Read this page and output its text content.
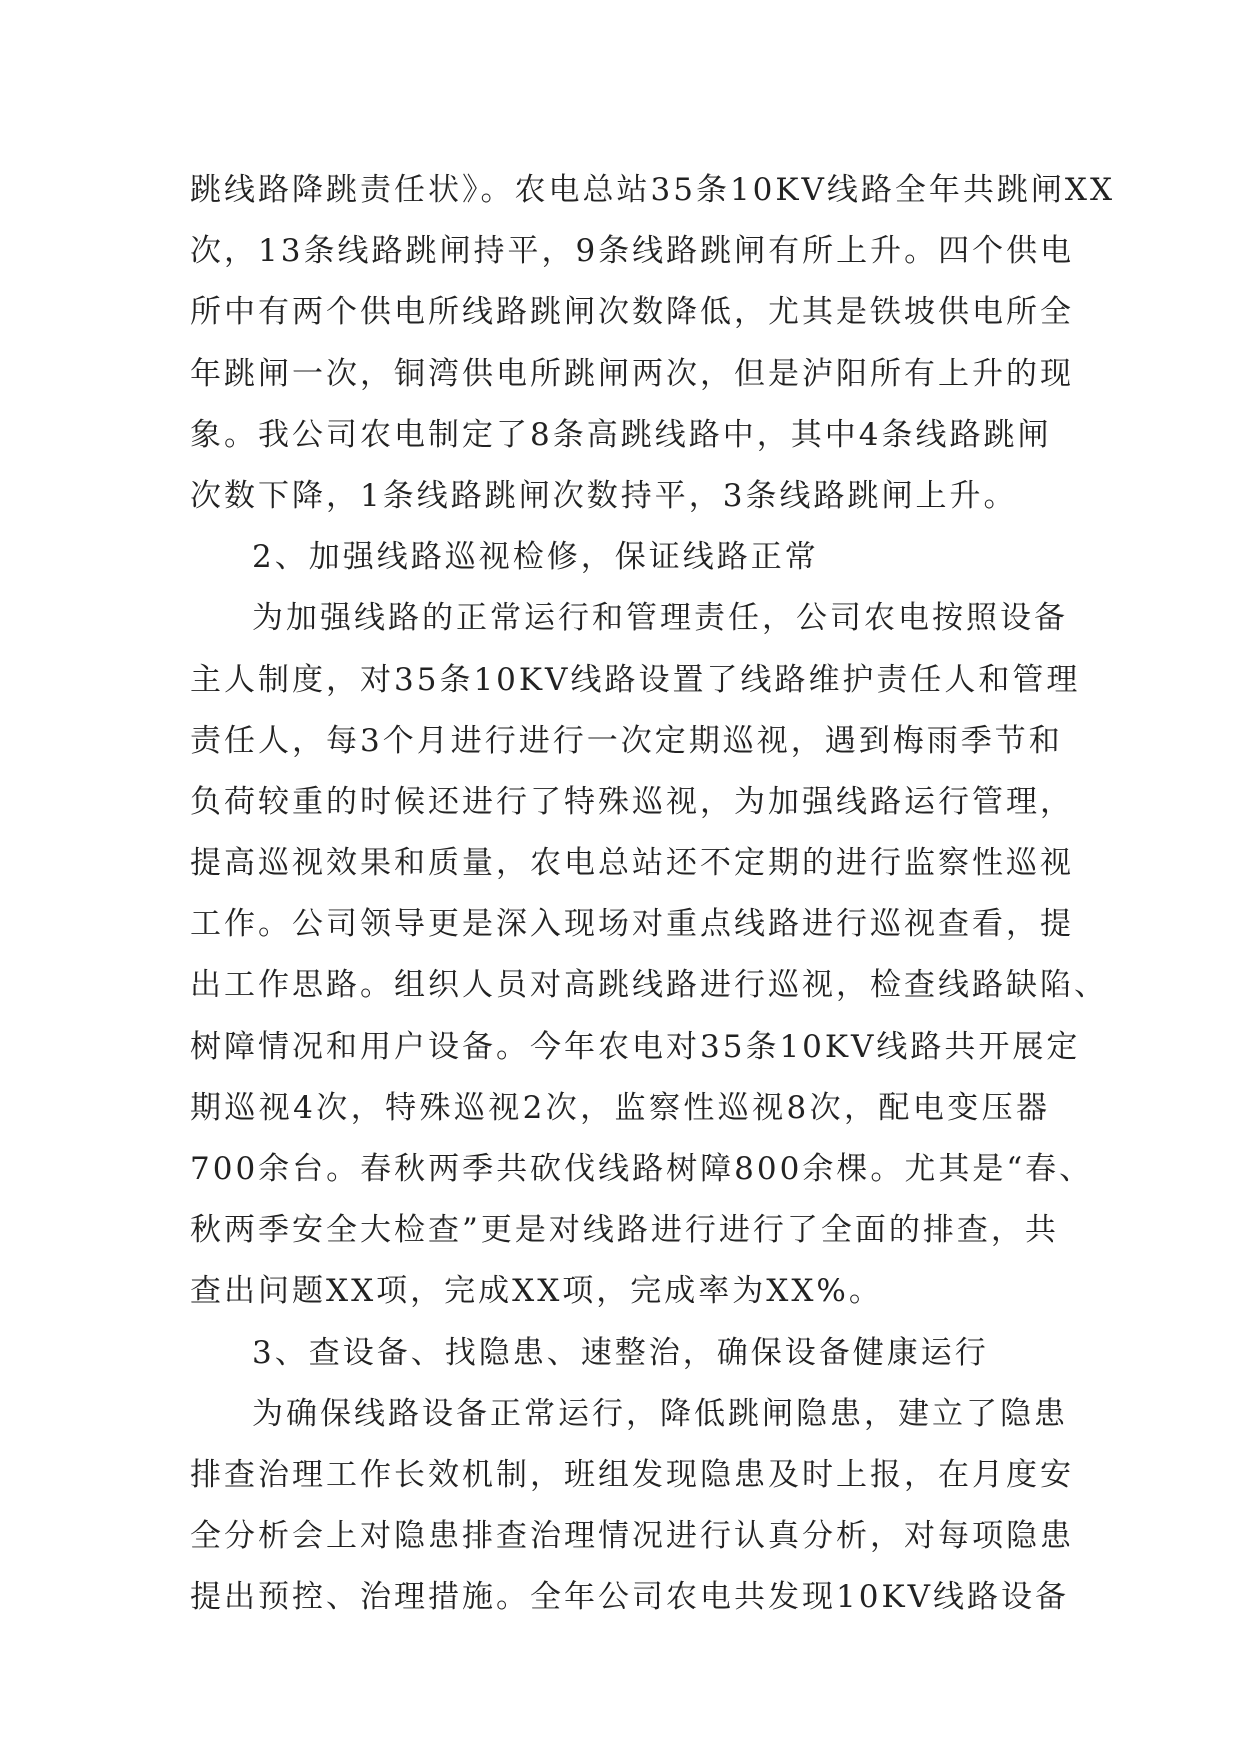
跳线路降跳责任状》。农电总站35条10KV线路全年共跳闸XX
次，13条线路跳闸持平，9条线路跳闸有所上升。四个供电
所中有两个供电所线路跳闸次数降低，尤其是铁坡供电所全
年跳闸一次，铜湾供电所跳闸两次，但是泸阳所有上升的现
象。我公司农电制定了8条高跳线路中，其中4条线路跳闸
次数下降，1条线路跳闸次数持平，3条线路跳闸上升。
2、加强线路巡视检修，保证线路正常
为加强线路的正常运行和管理责任，公司农电按照设备
主人制度，对35条10KV线路设置了线路维护责任人和管理
责任人，每3个月进行进行一次定期巡视，遇到梅雨季节和
负荷较重的时候还进行了特殊巡视，为加强线路运行管理，
提高巡视效果和质量，农电总站还不定期的进行监察性巡视
工作。公司领导更是深入现场对重点线路进行巡视查看，提
出工作思路。组织人员对高跳线路进行巡视，检查线路缺陷、
树障情况和用户设备。今年农电对35条10KV线路共开展定
期巡视4次，特殊巡视2次，监察性巡视8次，配电变压器
700余台。春秋两季共砍伐线路树障800余棵。尤其是“春、
秋两季安全大检查”更是对线路进行进行了全面的排查，共
查出问题XX项，完成XX项，完成率为XX%。
3、查设备、找隐患、速整治，确保设备健康运行
为确保线路设备正常运行，降低跳闸隐患，建立了隐患
排查治理工作长效机制，班组发现隐患及时上报，在月度安
全分析会上对隐患排查治理情况进行认真分析，对每项隐患
提出预控、治理措施。全年公司农电共发现10KV线路设备
